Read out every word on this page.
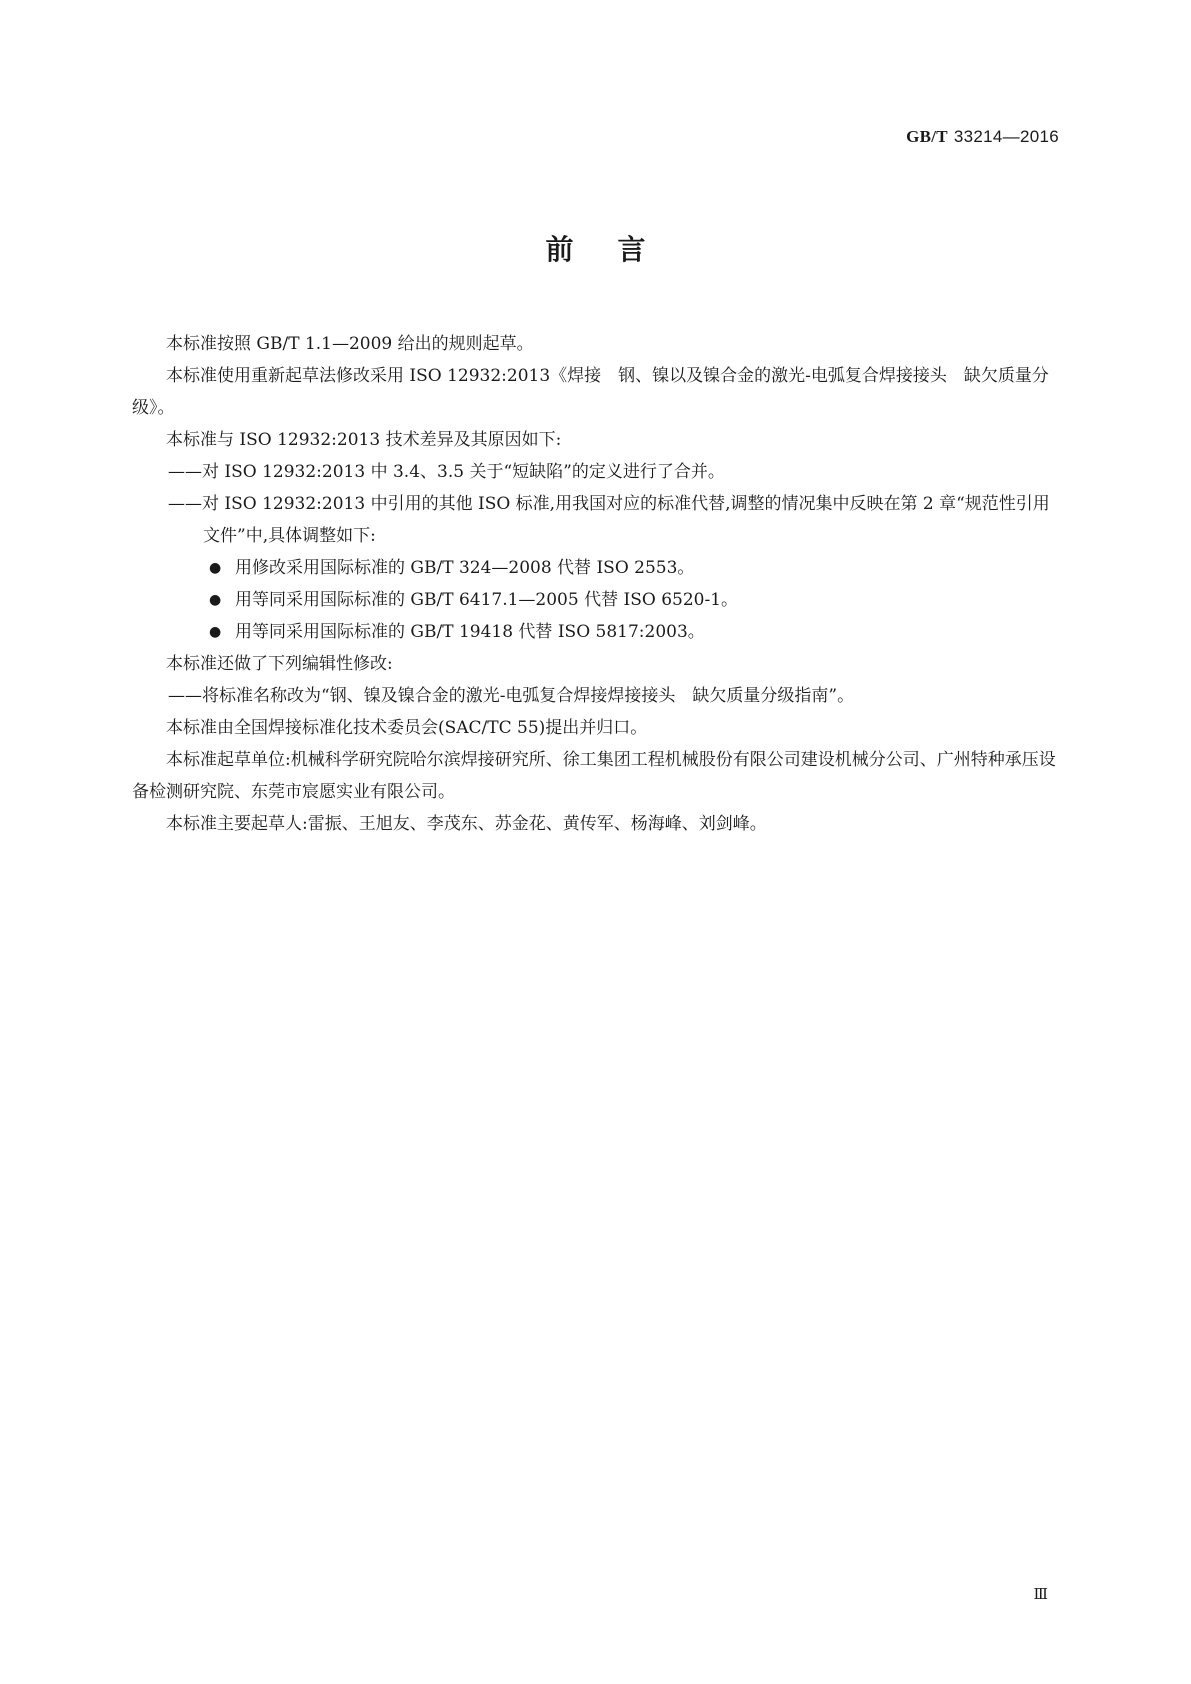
GB/T 33214—2016
前言

本标准按照 GB/T 1.1—2009 给出的规则起草。

本标准使用重新起草法修改采用 ISO 12932:2013《焊接　钢、镍以及镍合金的激光-电弧复合焊接接头　缺欠质量分级》。

本标准与 ISO 12932:2013 技术差异及其原因如下:

——对 ISO 12932:2013 中 3.4、3.5 关于“短缺陷”的定义进行了合并。

——对 ISO 12932:2013 中引用的其他 ISO 标准,用我国对应的标准代替,调整的情况集中反映在第 2 章“规范性引用文件”中,具体调整如下:

● 用修改采用国际标准的 GB/T 324—2008 代替 ISO 2553。

● 用等同采用国际标准的 GB/T 6417.1—2005 代替 ISO 6520-1。

● 用等同采用国际标准的 GB/T 19418 代替 ISO 5817:2003。

本标准还做了下列编辑性修改:

——将标准名称改为“钢、镍及镍合金的激光-电弧复合焊接焊接接头　缺欠质量分级指南”。

本标准由全国焊接标准化技术委员会(SAC/TC 55)提出并归口。

本标准起草单位:机械科学研究院哈尔滨焊接研究所、徐工集团工程机械股份有限公司建设机械分公司、广州特种承压设备检测研究院、东莞市宸愿实业有限公司。

本标准主要起草人:雷振、王旭友、李茂东、苏金花、黄传军、杨海峰、刘剑峰。

Ⅲ
